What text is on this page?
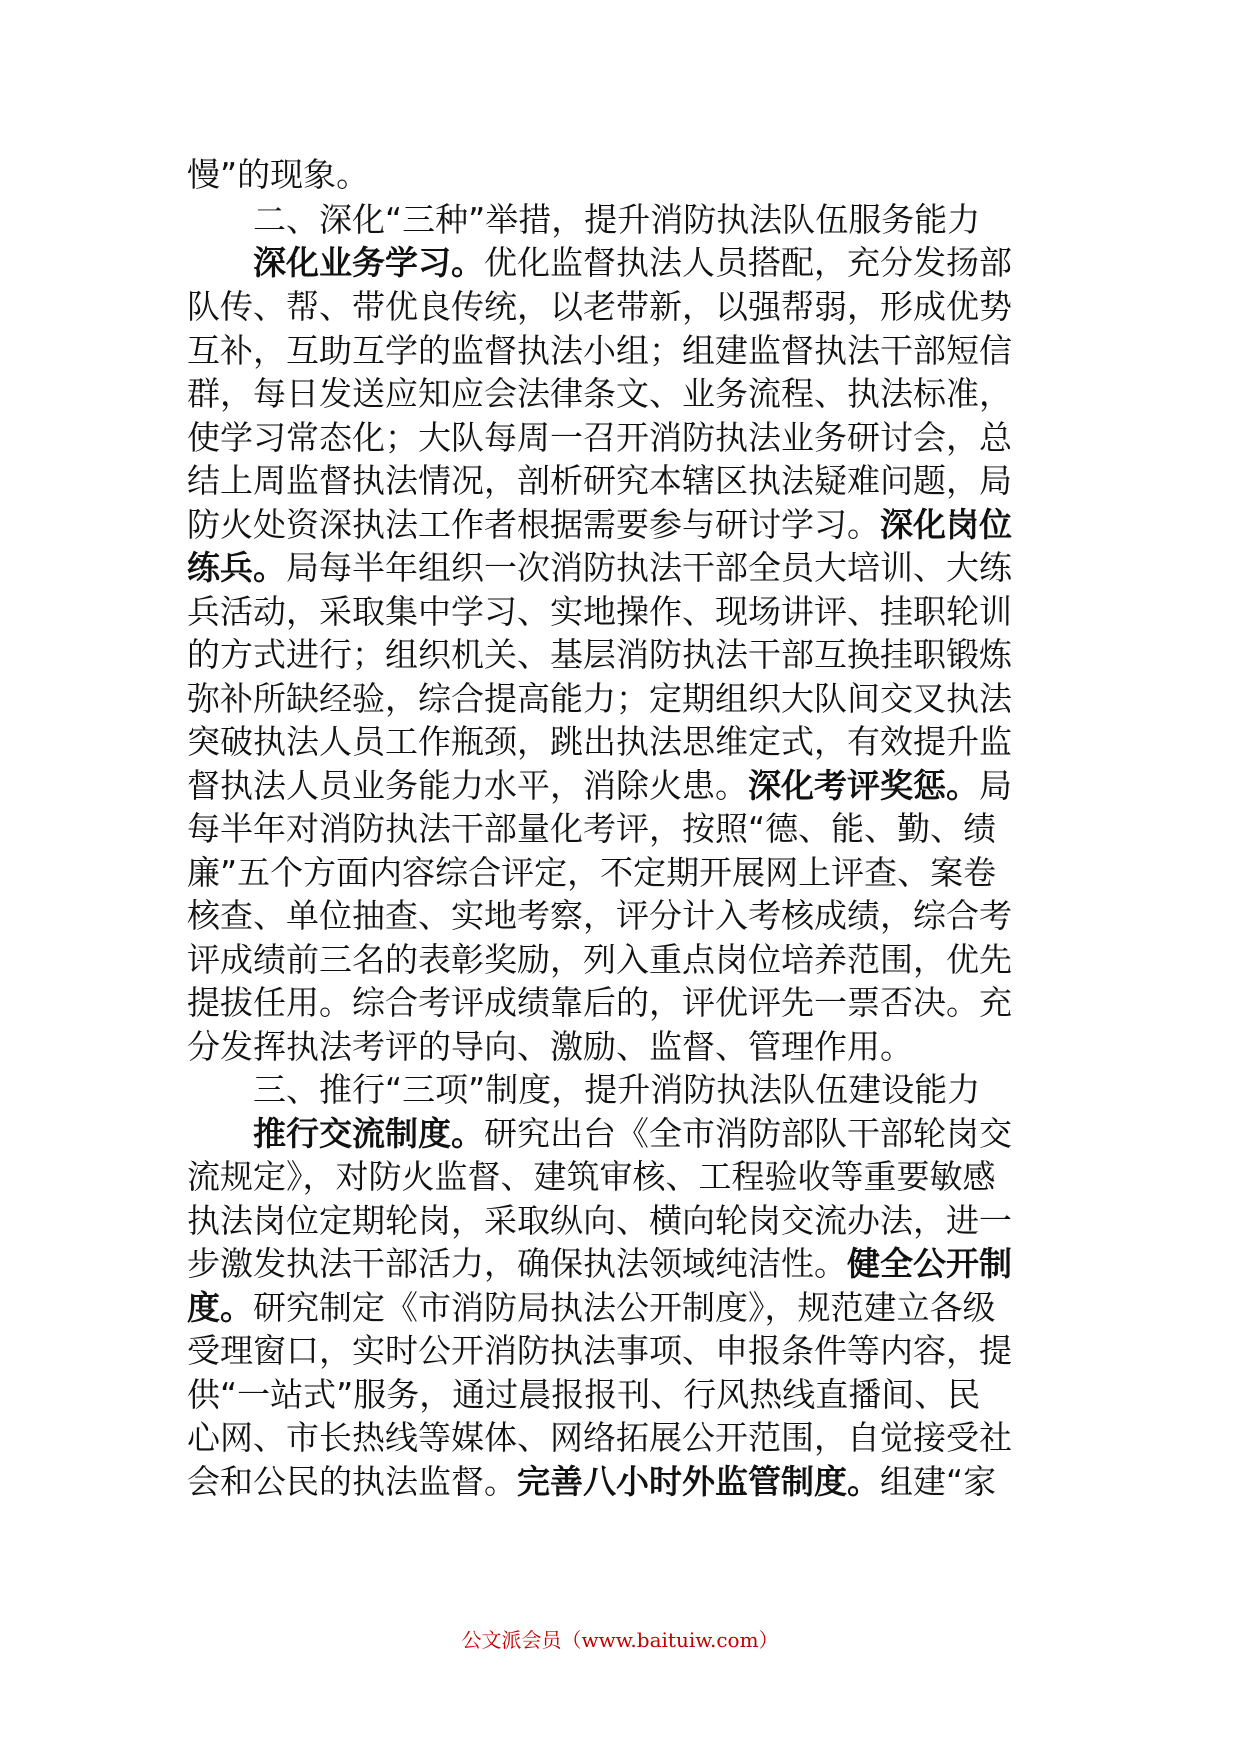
慢”的现象。
二、深化“三种”举措，提升消防执法队伍服务能力
深化业务学习。优化监督执法人员搭配，充分发扬部
队传、帮、带优良传统，以老带新，以强帮弱，形成优势
互补，互助互学的监督执法小组；组建监督执法干部短信
群，每日发送应知应会法律条文、业务流程、执法标准，
使学习常态化；大队每周一召开消防执法业务研讨会，总
结上周监督执法情况，剖析研究本辖区执法疑难问题，局
防火处资深执法工作者根据需要参与研讨学习。深化岗位
练兵。局每半年组织一次消防执法干部全员大培训、大练
兵活动，采取集中学习、实地操作、现场讲评、挂职轮训
的方式进行；组织机关、基层消防执法干部互换挂职锻炼
弥补所缺经验，综合提高能力；定期组织大队间交叉执法
突破执法人员工作瓶颈，跳出执法思维定式，有效提升监
督执法人员业务能力水平，消除火患。深化考评奖惩。局
每半年对消防执法干部量化考评，按照“德、能、勤、绩
廉”五个方面内容综合评定，不定期开展网上评查、案卷
核查、单位抽查、实地考察，评分计入考核成绩，综合考
评成绩前三名的表彰奖励，列入重点岗位培养范围，优先
提拔任用。综合考评成绩靠后的，评优评先一票否决。充
分发挥执法考评的导向、激励、监督、管理作用。
三、推行“三项”制度，提升消防执法队伍建设能力
推行交流制度。研究出台《全市消防部队干部轮岗交
流规定》，对防火监督、建筑审核、工程验收等重要敏感
执法岗位定期轮岗，采取纵向、横向轮岗交流办法，进一
步激发执法干部活力，确保执法领域纯洁性。健全公开制
度。研究制定《市消防局执法公开制度》，规范建立各级
受理窗口，实时公开消防执法事项、申报条件等内容，提
供“一站式”服务，通过晨报报刊、行风热线直播间、民
心网、市长热线等媒体、网络拓展公开范围，自觉接受社
会和公民的执法监督。完善八小时外监管制度。组建“家
公文派会员（www.baituiw.com）
